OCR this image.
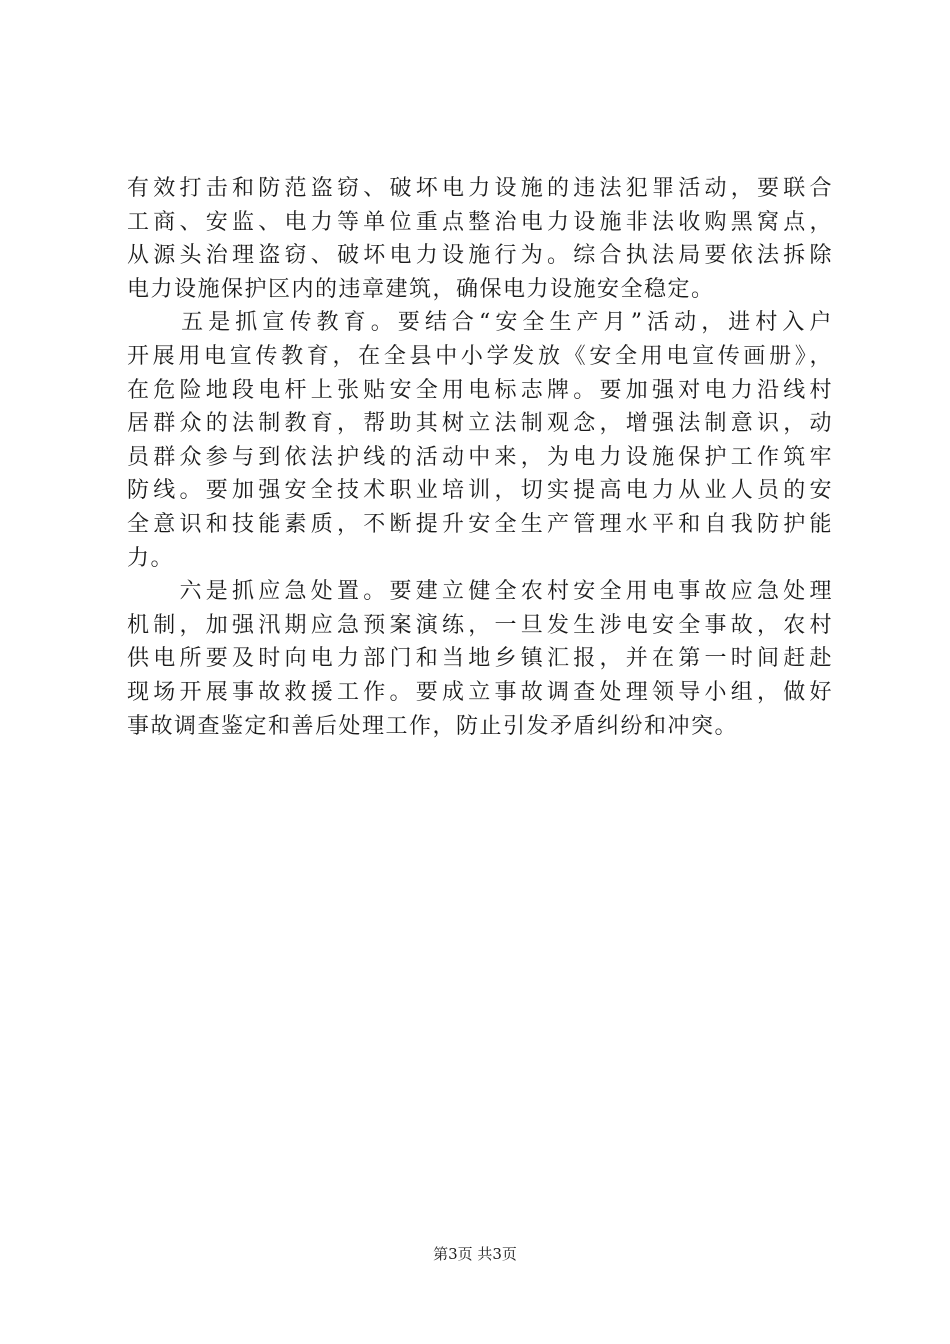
有效打击和防范盗窃、破坏电力设施的违法犯罪活动，要联合
工商、安监、电力等单位重点整治电力设施非法收购黑窝点，
从源头治理盗窃、破坏电力设施行为。综合执法局要依法拆除
电力设施保护区内的违章建筑，确保电力设施安全稳定。
　　五是抓宣传教育。要结合“安全生产月”活动，进村入户
开展用电宣传教育，在全县中小学发放《安全用电宣传画册》，
在危险地段电杆上张贴安全用电标志牌。要加强对电力沿线村
居群众的法制教育，帮助其树立法制观念，增强法制意识，动
员群众参与到依法护线的活动中来，为电力设施保护工作筑牢
防线。要加强安全技术职业培训，切实提高电力从业人员的安
全意识和技能素质，不断提升安全生产管理水平和自我防护能
力。
　　六是抓应急处置。要建立健全农村安全用电事故应急处理
机制，加强汛期应急预案演练，一旦发生涉电安全事故，农村
供电所要及时向电力部门和当地乡镇汇报，并在第一时间赶赴
现场开展事故救援工作。要成立事故调查处理领导小组，做好
事故调查鉴定和善后处理工作，防止引发矛盾纠纷和冲突。
第3页 共3页
